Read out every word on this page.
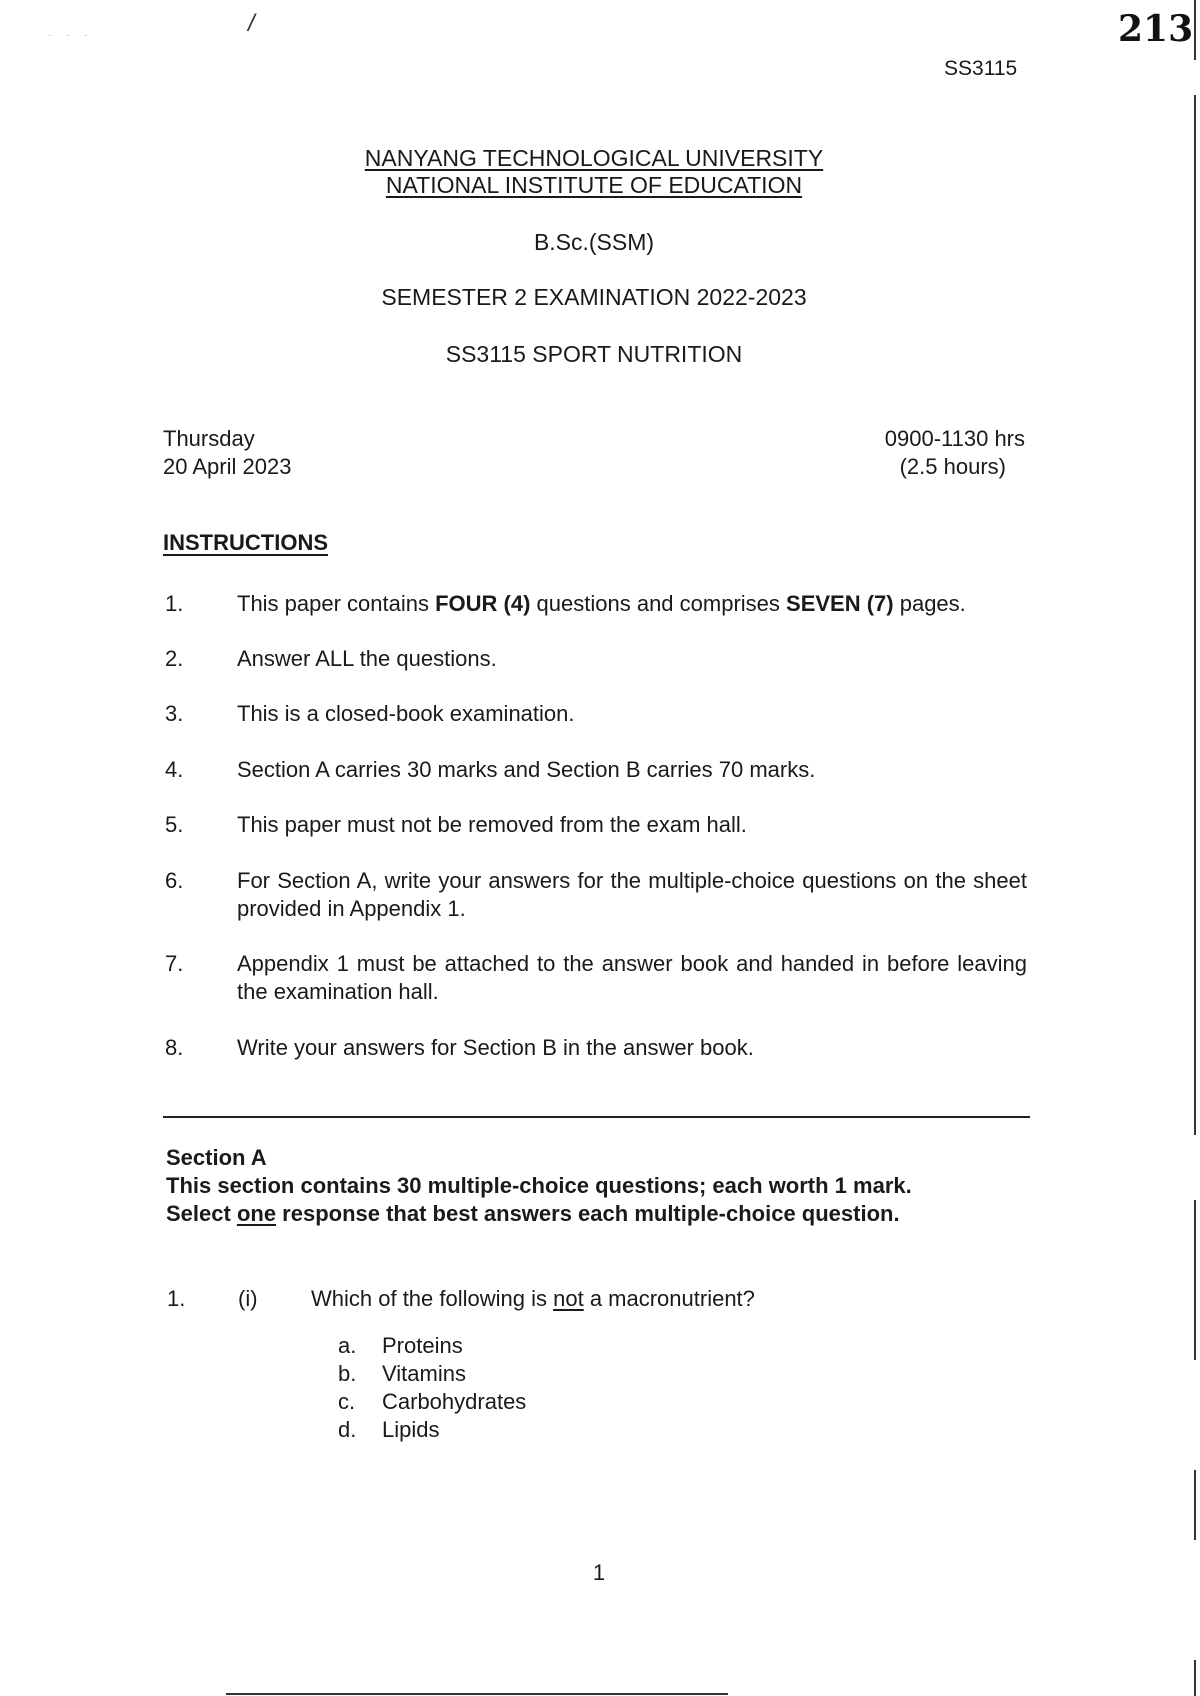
/
· · ·	213
SS3115
NANYANG TECHNOLOGICAL UNIVERSITY
NATIONAL INSTITUTE OF EDUCATION
B.Sc.(SSM)
SEMESTER 2 EXAMINATION 2022-2023
SS3115 SPORT NUTRITION
Thursday
20 April 2023
0900-1130 hrs
(2.5 hours)
INSTRUCTIONS
1. This paper contains FOUR (4) questions and comprises SEVEN (7) pages.
2. Answer ALL the questions.
3. This is a closed-book examination.
4. Section A carries 30 marks and Section B carries 70 marks.
5. This paper must not be removed from the exam hall.
6. For Section A, write your answers for the multiple-choice questions on the sheet provided in Appendix 1.
7. Appendix 1 must be attached to the answer book and handed in before leaving the examination hall.
8. Write your answers for Section B in the answer book.
Section A
This section contains 30 multiple-choice questions; each worth 1 mark.
Select one response that best answers each multiple-choice question.
1. (i) Which of the following is not a macronutrient?
a. Proteins
b. Vitamins
c. Carbohydrates
d. Lipids
1
